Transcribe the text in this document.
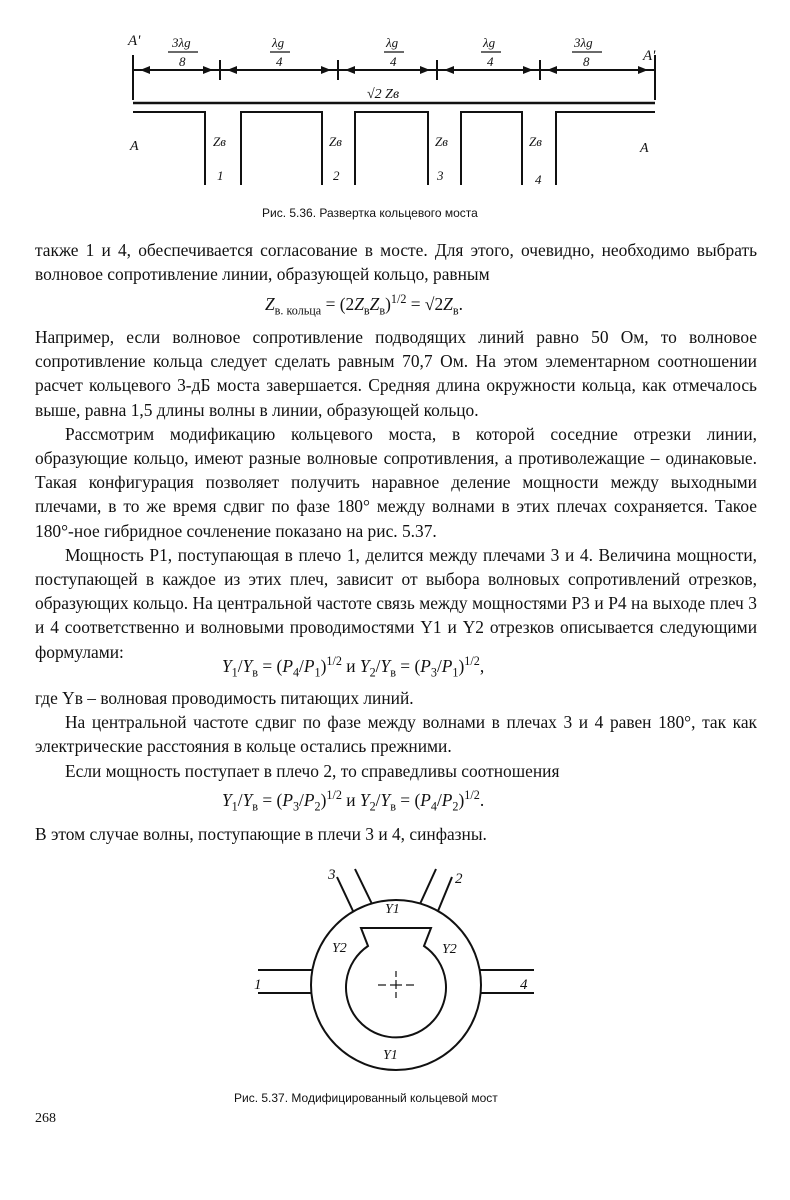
A'
A'
A	A
3λg
8
λg
4
λg
4
λg
4
3λg
8
√2 Zв
Zв	Zв	Zв	Zв
1	2	3	4
Рис. 5.36. Развертка кольцевого моста

также 1 и 4, обеспечивается согласование в мосте. Для этого, очевидно, необходимо выбрать волновое сопротивление линии, образующей кольцо, равным

$Z_{в. кольца} = (2Z_вZ_в)^{1/2} = √2Z_в$.

Например, если волновое сопротивление подводящих линий равно 50 Ом, то волновое сопротивление кольца следует сделать равным 70,7 Ом. На этом элементарном соотношении расчет кольцевого 3-дБ моста завершается. Средняя длина окружности кольца, как отмечалось выше, равна 1,5 длины волны в линии, образующей кольцо.

Рассмотрим модификацию кольцевого моста, в которой соседние отрезки линии, образующие кольцо, имеют разные волновые сопротивления, а противолежащие – одинаковые. Такая конфигурация позволяет получить наравное деление мощности между выходными плечами, в то же время сдвиг по фазе 180° между волнами в этих плечах сохраняется. Такое 180°-ное гибридное сочленение показано на рис. 5.37.

Мощность P1, поступающая в плечо 1, делится между плечами 3 и 4. Величина мощности, поступающей в каждое из этих плеч, зависит от выбора волновых сопротивлений отрезков, образующих кольцо. На центральной частоте связь между мощностями P3 и P4 на выходе плеч 3 и 4 соответственно и волновыми проводимостями Y1 и Y2 отрезков описывается следующими формулами:

$Y_1/Y_в = (P_4/P_1)^{1/2}$ и $Y_2/Y_в = (P_3/P_1)^{1/2}$,

где Yв – волновая проводимость питающих линий.

На центральной частоте сдвиг по фазе между волнами в плечах 3 и 4 равен 180°, так как электрические расстояния в кольце остались прежними.

Если мощность поступает в плечо 2, то справедливы соотношения

$Y_1/Y_в = (P_3/P_2)^{1/2}$ и $Y_2/Y_в = (P_4/P_2)^{1/2}$.

В этом случае волны, поступающие в плечи 3 и 4, синфазны.

1
2
3
4
Y1
Y1
Y2	Y2
Рис. 5.37. Модифицированный кольцевой мост
268
